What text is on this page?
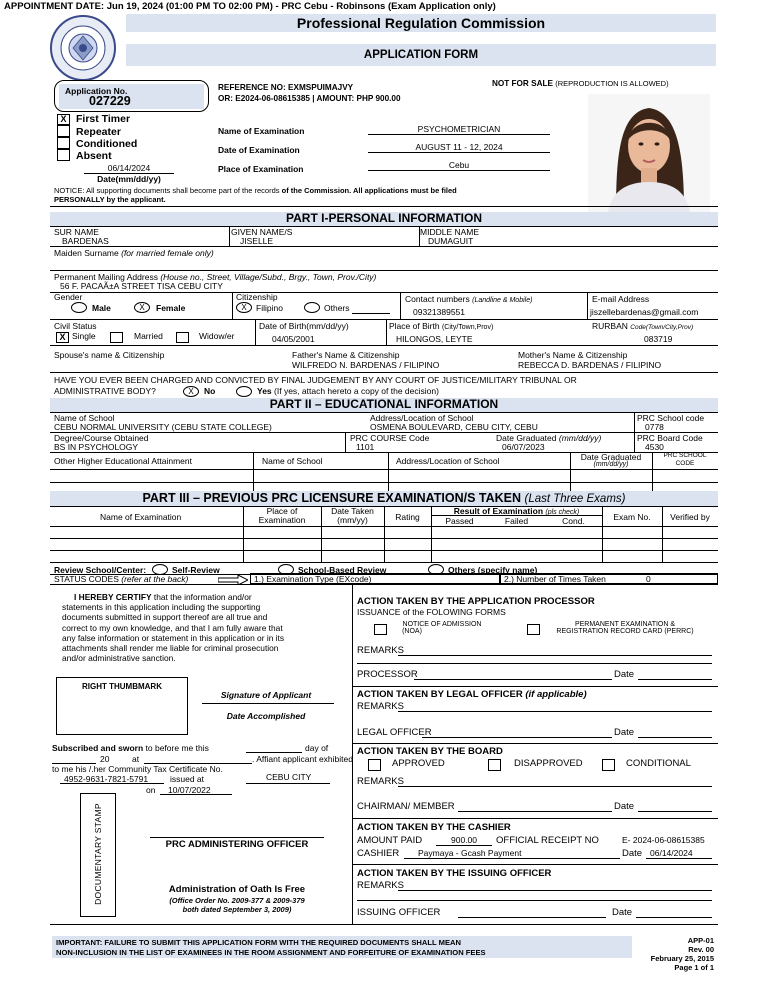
APPOINTMENT DATE: Jun 19, 2024 (01:00 PM TO 02:00 PM) - PRC Cebu - Robinsons (Exam Application only)
Professional Regulation Commission
APPLICATION FORM
Application No.
027229
REFERENCE NO: EXMSPUIMAJVY
OR: E2024-06-08615385 | AMOUNT: PHP 900.00
NOT FOR SALE (REPRODUCTION IS ALLOWED)
X First Timer
Repeater
Conditioned
Absent
06/14/2024
Date(mm/dd/yy)
Name of Examination	PSYCHOMETRICIAN
Date of Examination	AUGUST 11 - 12, 2024
Place of Examination	Cebu
NOTICE: All supporting documents shall become part of the records of the Commission. All applications must be filed
PERSONALLY by the applicant.
PART I-PERSONAL INFORMATION
SUR NAME
BARDENAS
GIVEN NAME/S
JISELLE
MIDDLE NAME
DUMAGUIT
Maiden Surname (for married female only)
Permanent Mailing Address (House no., Street, Village/Subd., Brgy., Town, Prov./City)
56 F. PACAÃ±A STREET TISA CEBU CITY
Gender
Male	X	Female
Citizenship
X	Filipino	Others
Contact numbers (Landline & Mobile)
09321389551
E-mail Address
jiszellebardenas@gmail.com
Civil Status
X Single	Married	Widow/er
Date of Birth(mm/dd/yy)
04/05/2001
Place of Birth (City/Town,Prov)
HILONGOS, LEYTE
RURBAN Code(Town/City,Prov)
083719
Spouse's name & Citizenship	Father's Name & Citizenship
WILFREDO N. BARDENAS / FILIPINO
Mother's Name & Citizenship
REBECCA D. BARDENAS / FILIPINO
HAVE YOU EVER BEEN CHARGED AND CONVICTED BY FINAL JUDGEMENT BY ANY COURT OF JUSTICE/MILITARY TRIBUNAL OR
ADMINISTRATIVE BODY?	X	No	Yes (If yes, attach hereto a copy of the decision)
PART II – EDUCATIONAL INFORMATION
Name of School
CEBU NORMAL UNIVERSITY (CEBU STATE COLLEGE)
Address/Location of School
OSMENA BOULEVARD, CEBU CITY, CEBU
PRC School code
0778
Degree/Course Obtained
BS IN PSYCHOLOGY
PRC COURSE Code
1101
Date Graduated (mm/dd/yy)
06/07/2023
PRC Board Code
4530
Other Higher Educational Attainment	Name of School	Address/Location of School	Date Graduated
(mm/dd/yy)
PRC SCHOOL CODE
PART III – PREVIOUS PRC LICENSURE EXAMINATION/S TAKEN (Last Three Exams)
Name of Examination
Place of Examination
Date Taken (mm/yy)	Rating
Result of Examination (pls check)
Passed	Failed	Cond.	Exam No.	Verified by
Review School/Center:	Self-Review	School-Based Review	Others (specify name)
STATUS CODES (refer at the back)	1.) Examination Type (EXcode)	2.) Number of Times Taken	0
I HEREBY CERTIFY that the information and/or
statements in this application including the supporting
documents submitted in support thereof are all true and
correct to my own knowledge, and that I am fully aware that
any false information or statement in this application or in its
attachments shall render me liable for criminal prosecution
and/or administrative sanction.
RIGHT THUMBMARK
Signature of Applicant
Date Accomplished
Subscribed and sworn to before me this	day of
20	at	. Affiant applicant exhibited
to me his /.her Community Tax Certificate No.
4952-9631-7821-5791	issued at	CEBU CITY
on 10/07/2022
DOCUMENTARY STAMP	PRC ADMINISTERING OFFICER
Administration of Oath Is Free
(Office Order No. 2009-377 & 2009-379
both dated September 3, 2009)
ACTION TAKEN BY THE APPLICATION PROCESSOR
ISSUANCE of the FOLOWING FORMS
NOTICE OF ADMISSION
(NOA)
PERMANENT EXAMINATION &
REGISTRATION RECORD CARD (PERRC)
REMARKS
PROCESSOR	Date
ACTION TAKEN BY LEGAL OFFICER (if applicable)
REMARKS
LEGAL OFFICER	Date
ACTION TAKEN BY THE BOARD
APPROVED	DISAPPROVED	CONDITIONAL
REMARKS
CHAIRMAN/ MEMBER	Date
ACTION TAKEN BY THE CASHIER
AMOUNT PAID	900.00	OFFICIAL RECEIPT NO	E- 2024-06-08615385
CASHIER Paymaya - Gcash Payment	Date 06/14/2024
ACTION TAKEN BY THE ISSUING OFFICER
REMARKS
ISSUING OFFICER	Date
IMPORTANT: FAILURE TO SUBMIT THIS APPLICATION FORM WITH THE REQUIRED DOCUMENTS SHALL MEAN
NON-INCLUSION IN THE LIST OF EXAMINEES IN THE ROOM ASSIGNMENT AND FORFEITURE OF EXAMINATION FEES
APP-01
Rev. 00
February 25, 2015
Page 1 of 1
